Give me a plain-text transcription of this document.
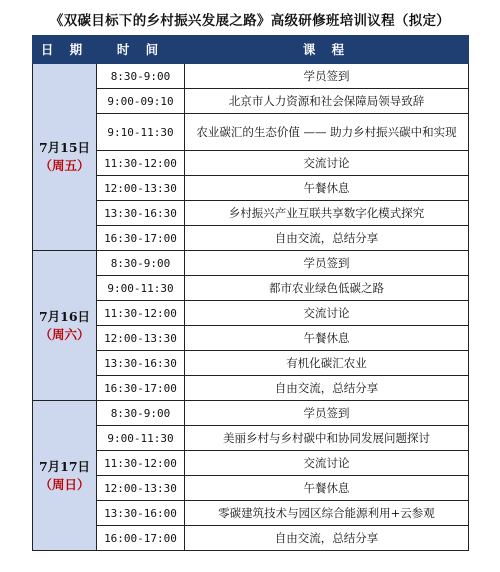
《双碳目标下的乡村振兴发展之路》高级研修班培训议程（拟定）
日 期	时 间	课 程

7月15日
（周五）	8:30-9:00	学员签到
	9:00-09:10	北京市人力资源和社会保障局领导致辞
	9:10-11:30	农业碳汇的生态价值 —— 助力乡村振兴碳中和实现
	11:30-12:00	交流讨论
	12:00-13:30	午餐休息
	13:30-16:30	乡村振兴产业互联共享数字化模式探究
	16:30-17:00	自由交流，总结分享

7月16日
（周六）	8:30-9:00	学员签到
	9:00-11:30	都市农业绿色低碳之路
	11:30-12:00	交流讨论
	12:00-13:30	午餐休息
	13:30-16:30	有机化碳汇农业
	16:30-17:00	自由交流，总结分享

7月17日
（周日）	8:30-9:00	学员签到
	9:00-11:30	美丽乡村与乡村碳中和协同发展问题探讨
	11:30-12:00	交流讨论
	12:00-13:30	午餐休息
	13:30-16:00	零碳建筑技术与园区综合能源利用+云参观
	16:00-17:00	自由交流，总结分享
